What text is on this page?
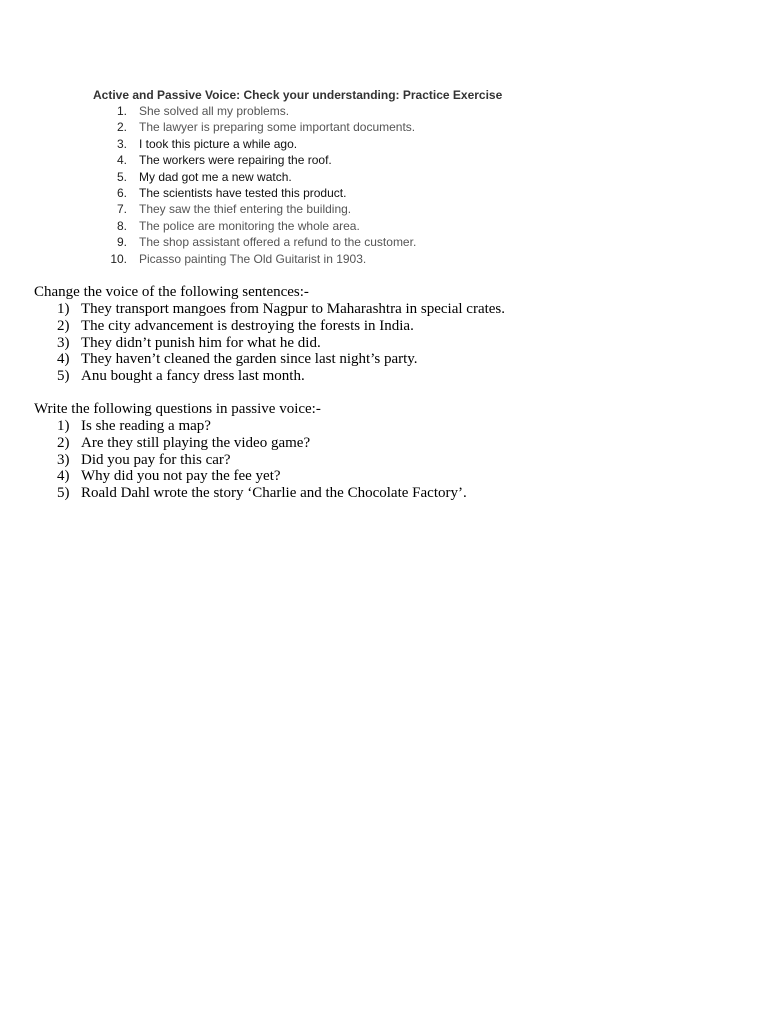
Active and Passive Voice: Check your understanding: Practice Exercise
1. She solved all my problems.
2. The lawyer is preparing some important documents.
3. I took this picture a while ago.
4. The workers were repairing the roof.
5. My dad got me a new watch.
6. The scientists have tested this product.
7. They saw the thief entering the building.
8. The police are monitoring the whole area.
9. The shop assistant offered a refund to the customer.
10. Picasso painting The Old Guitarist in 1903.
Change the voice of the following sentences:-
1) They transport mangoes from Nagpur to Maharashtra in special crates.
2) The city advancement is destroying the forests in India.
3) They didn’t punish him for what he did.
4) They haven’t cleaned the garden since last night’s party.
5) Anu bought a fancy dress last month.
Write the following questions in passive voice:-
1) Is she reading a map?
2) Are they still playing the video game?
3) Did you pay for this car?
4) Why did you not pay the fee yet?
5) Roald Dahl wrote the story ‘Charlie and the Chocolate Factory’.
